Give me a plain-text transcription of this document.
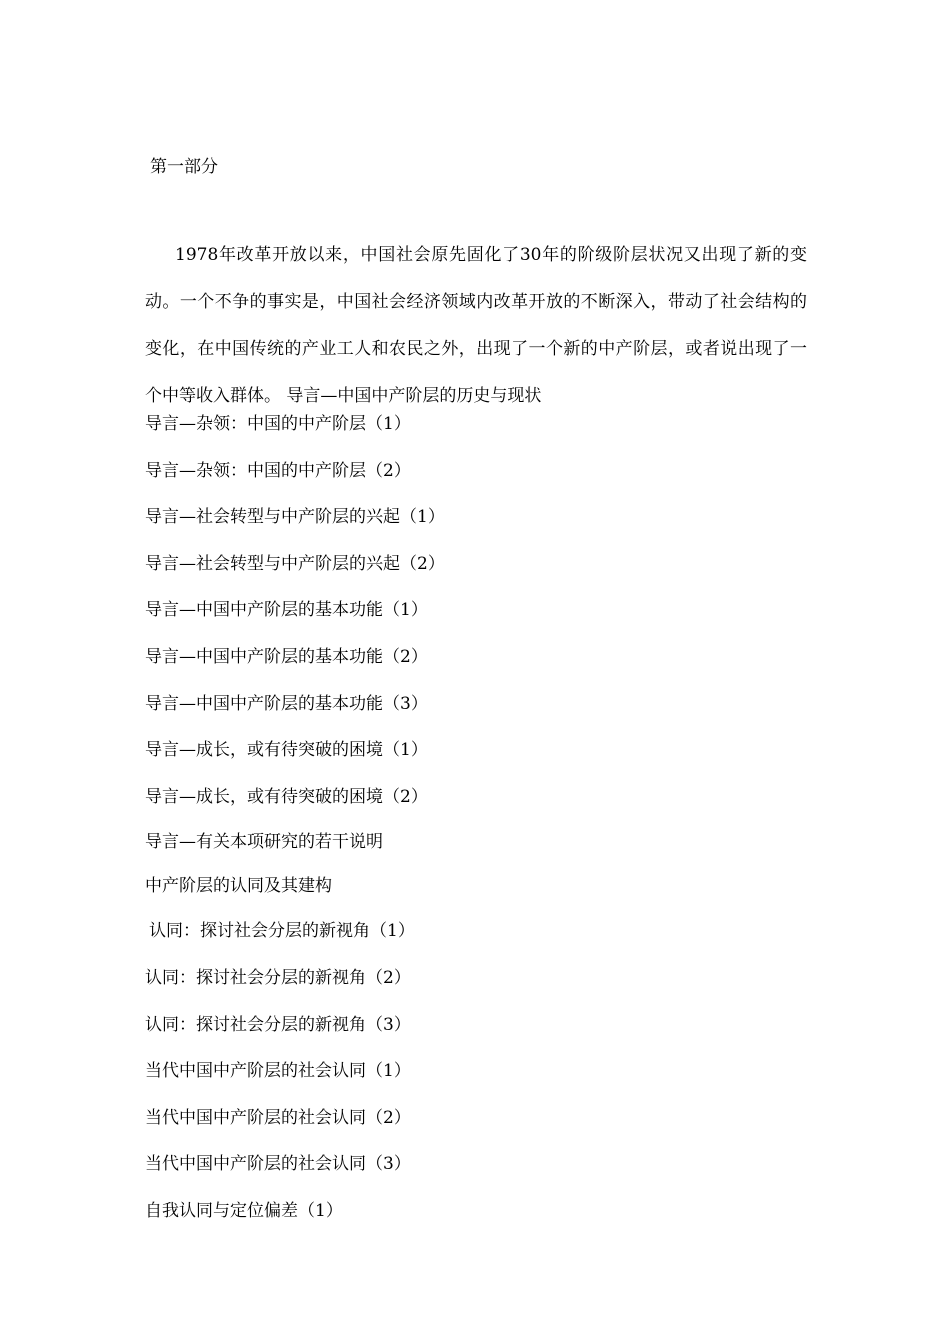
第一部分

1978年改革开放以来，中国社会原先固化了30年的阶级阶层状况又出现了新的变动。一个不争的事实是，中国社会经济领域内改革开放的不断深入，带动了社会结构的变化，在中国传统的产业工人和农民之外，出现了一个新的中产阶层，或者说出现了一个中等收入群体。 导言—中国中产阶层的历史与现状

导言—杂领：中国的中产阶层（1）
导言—杂领：中国的中产阶层（2）
导言—社会转型与中产阶层的兴起（1）
导言—社会转型与中产阶层的兴起（2）
导言—中国中产阶层的基本功能（1）
导言—中国中产阶层的基本功能（2）
导言—中国中产阶层的基本功能（3）
导言—成长，或有待突破的困境（1）
导言—成长，或有待突破的困境（2）
导言—有关本项研究的若干说明
中产阶层的认同及其建构
认同：探讨社会分层的新视角（1）
认同：探讨社会分层的新视角（2）
认同：探讨社会分层的新视角（3）
当代中国中产阶层的社会认同（1）
当代中国中产阶层的社会认同（2）
当代中国中产阶层的社会认同（3）
自我认同与定位偏差（1）
